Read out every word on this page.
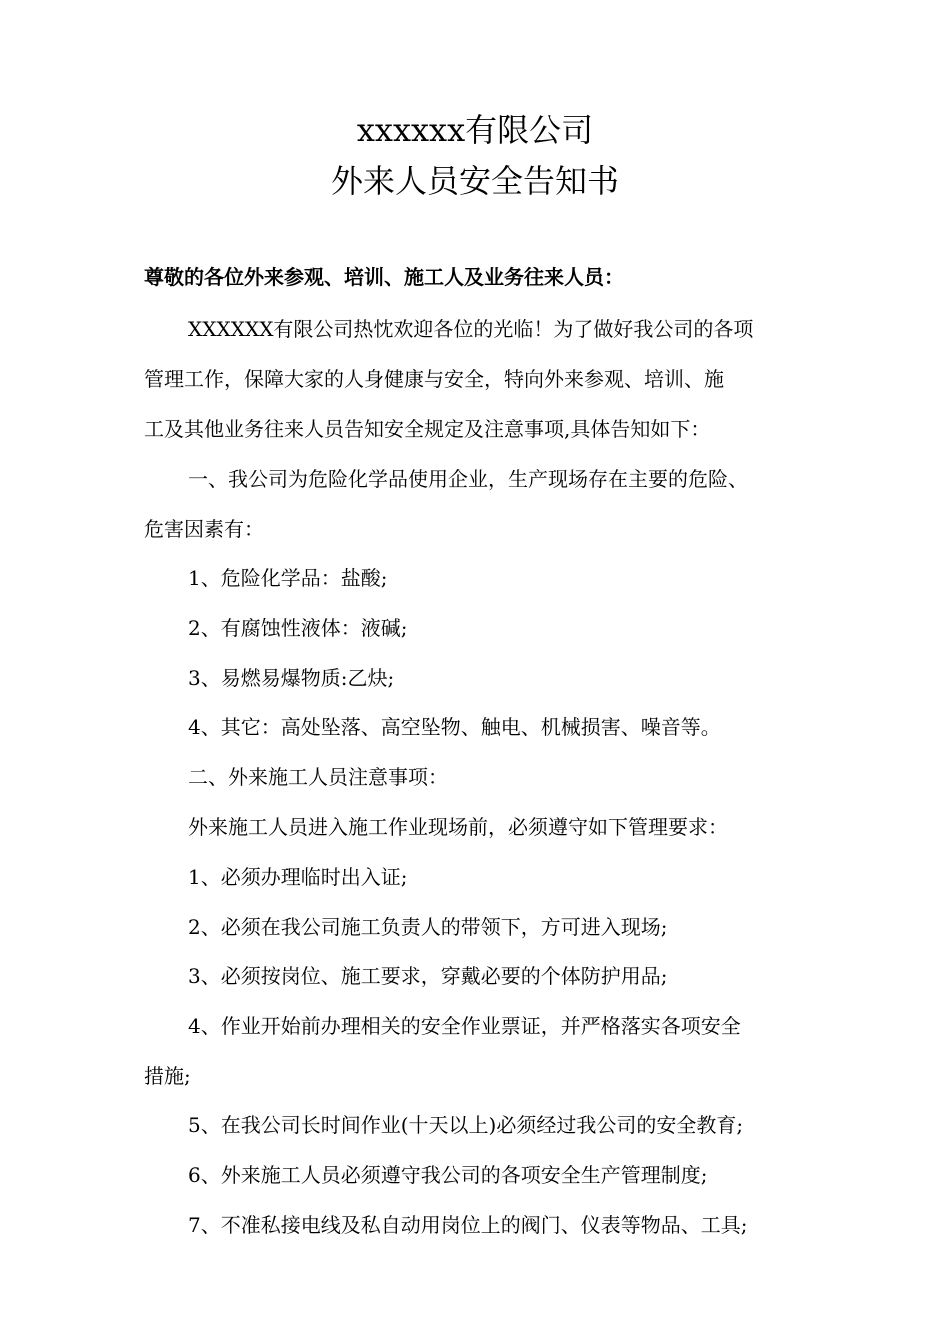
xxxxxx有限公司
外来人员安全告知书

尊敬的各位外来参观、培训、施工人及业务往来人员：

XXXXXX有限公司热忱欢迎各位的光临！为了做好我公司的各项

管理工作，保障大家的人身健康与安全，特向外来参观、培训、施

工及其他业务往来人员告知安全规定及注意事项,具体告知如下：

一、我公司为危险化学品使用企业，生产现场存在主要的危险、

危害因素有：

1、危险化学品：盐酸;

2、有腐蚀性液体：液碱;

3、易燃易爆物质:乙炔;

4、其它：高处坠落、高空坠物、触电、机械损害、噪音等。

二、外来施工人员注意事项：

外来施工人员进入施工作业现场前，必须遵守如下管理要求：

1、必须办理临时出入证;

2、必须在我公司施工负责人的带领下，方可进入现场;

3、必须按岗位、施工要求，穿戴必要的个体防护用品;

4、作业开始前办理相关的安全作业票证，并严格落实各项安全

措施;

5、在我公司长时间作业(十天以上)必须经过我公司的安全教育;

6、外来施工人员必须遵守我公司的各项安全生产管理制度;

7、不准私接电线及私自动用岗位上的阀门、仪表等物品、工具;
